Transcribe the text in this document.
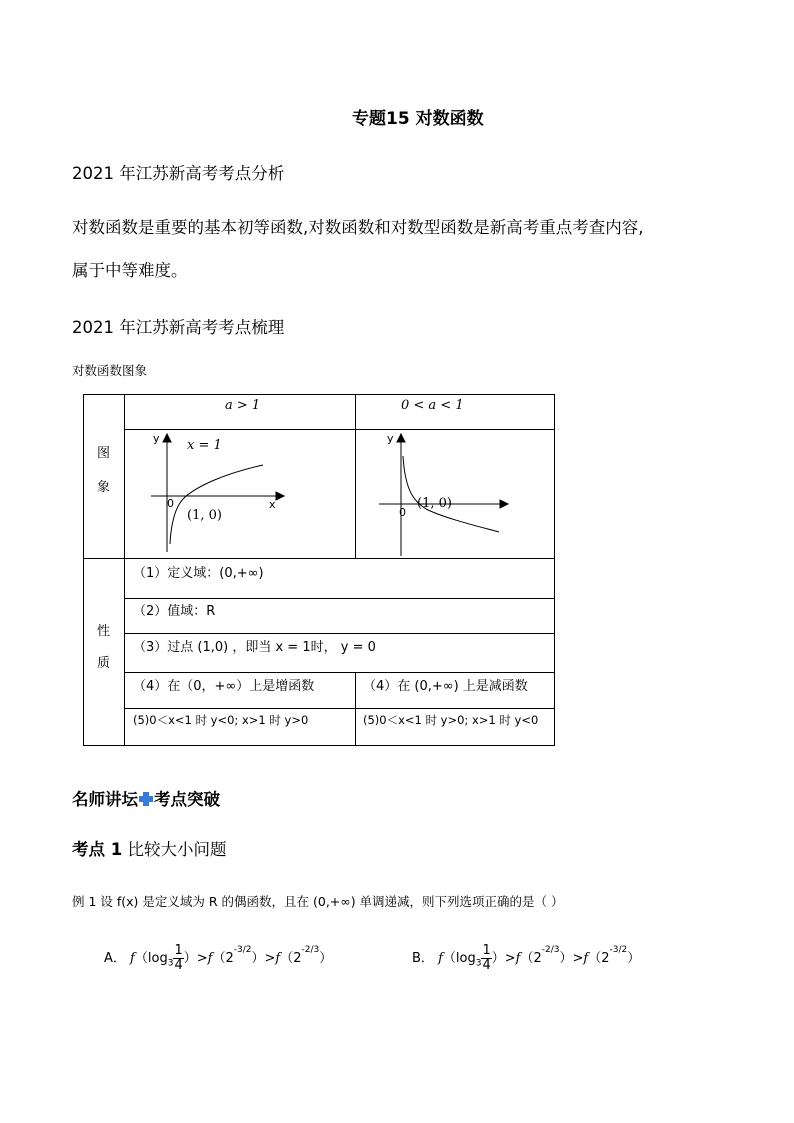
专题15 对数函数
2021 年江苏新高考考点分析
对数函数是重要的基本初等函数,对数函数和对数型函数是新高考重点考查内容,
属于中等难度。
2021 年江苏新高考考点梳理
对数函数图象
a > 1	0 < a < 1
图
象
y x = 1
x
0
(1, 0)
y
0
(1, 0)
性
质
（1）定义域：(0,+∞)
（2）值域：R
（3）过点 (1,0) ，即当 x = 1时， y = 0
（4）在（0，+∞）上是增函数	（4）在 (0,+∞) 上是减函数
(5)0＜x<1 时 y<0; x>1 时 y>0	(5)0＜x<1 时 y>0; x>1 时 y<0
名师讲坛 考点突破
考点 1 比较大小问题
例 1 设 f(x) 是定义域为 R 的偶函数，且在 (0,+∞) 单调递减，则下列选项正确的是（ ）
A． $f(\log_3 \frac{1}{4} )>f(2^{-3/2})>f(2^{-2/3})$	B． $f(\log_3 \frac{1}{4} )>f(2^{-2/3})>f(2^{-3/2})$
